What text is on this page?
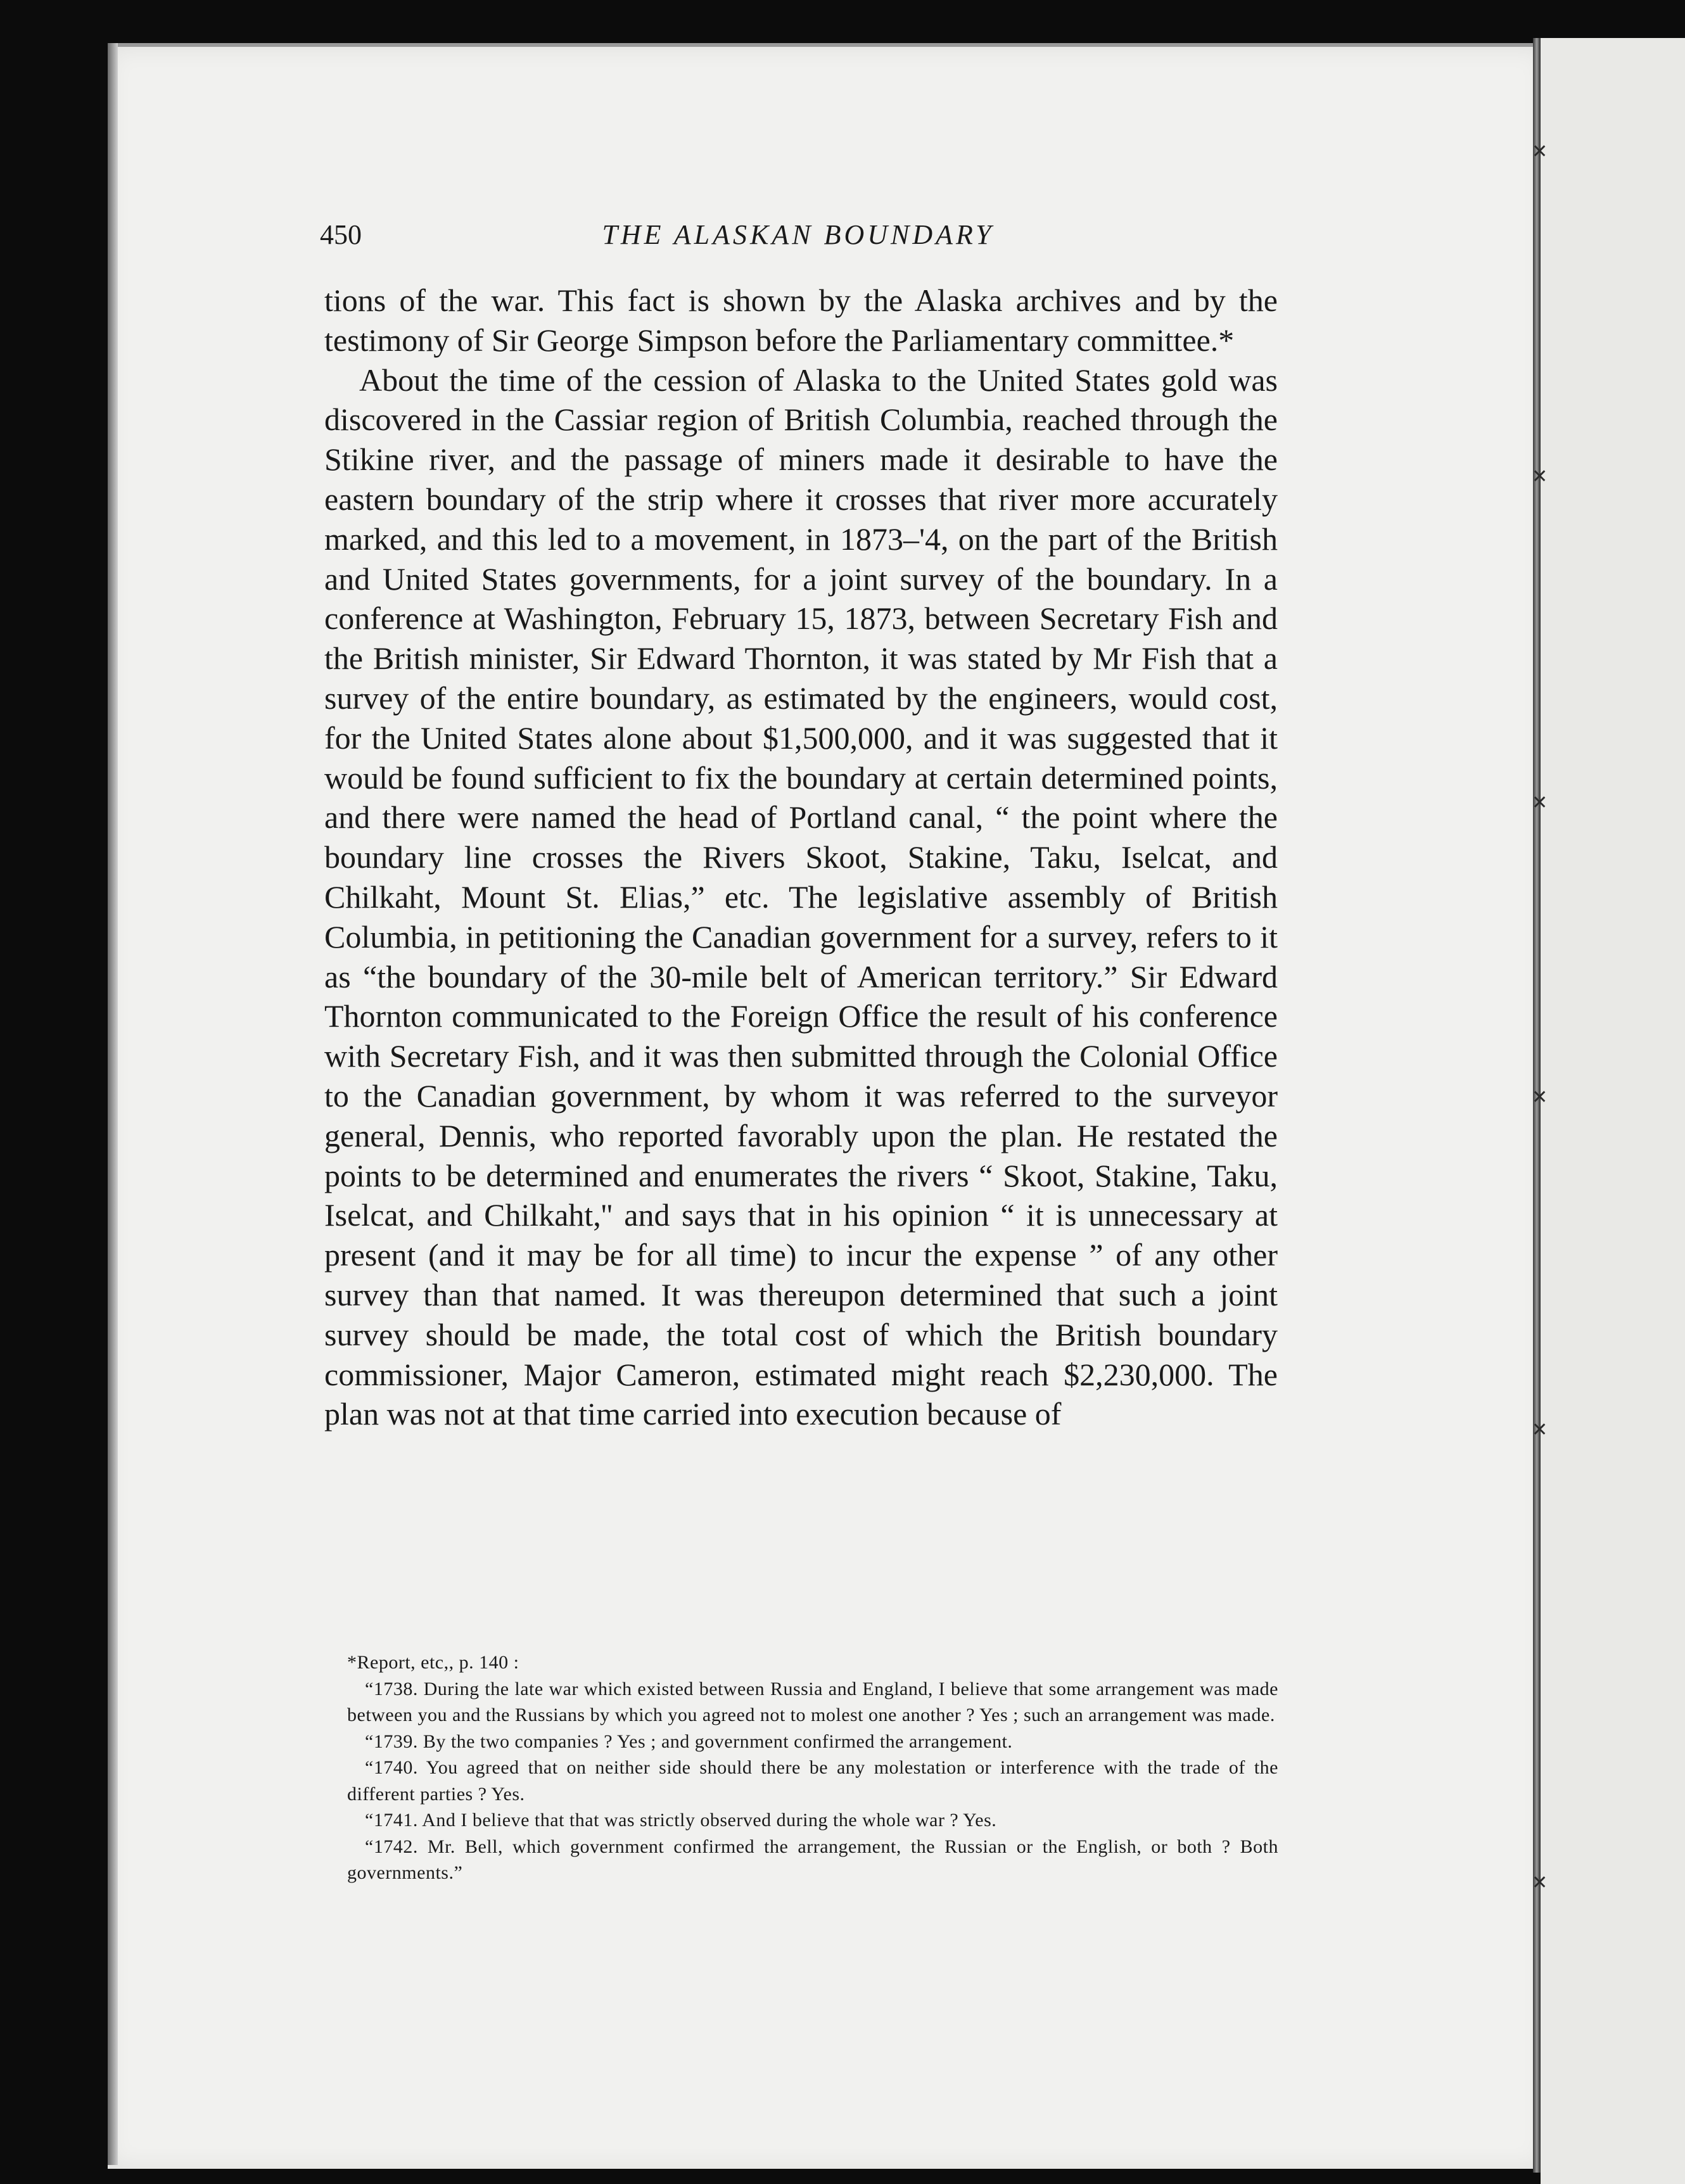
✕
✕
✕
✕
✕
✕
450	THE ALASKAN BOUNDARY

tions of the war. This fact is shown by the Alaska archives and by the testimony of Sir George Simpson before the Parliamentary committee.*

About the time of the cession of Alaska to the United States gold was discovered in the Cassiar region of British Columbia, reached through the Stikine river, and the passage of miners made it desirable to have the eastern boundary of the strip where it crosses that river more accurately marked, and this led to a movement, in 1873–'4, on the part of the British and United States governments, for a joint survey of the boundary. In a conference at Washington, February 15, 1873, between Secretary Fish and the British minister, Sir Edward Thornton, it was stated by Mr Fish that a survey of the entire boundary, as estimated by the engineers, would cost, for the United States alone about $1,500,000, and it was suggested that it would be found sufficient to fix the boundary at certain determined points, and there were named the head of Portland canal, “ the point where the boundary line crosses the Rivers Skoot, Stakine, Taku, Iselcat, and Chilkaht, Mount St. Elias,” etc. The legislative assembly of British Columbia, in petitioning the Canadian government for a survey, refers to it as “the boundary of the 30-mile belt of American territory.” Sir Edward Thornton communicated to the Foreign Office the result of his conference with Secretary Fish, and it was then submitted through the Colonial Office to the Canadian government, by whom it was referred to the surveyor general, Dennis, who reported favorably upon the plan. He restated the points to be determined and enumerates the rivers “ Skoot, Stakine, Taku, Iselcat, and Chilkaht,'' and says that in his opinion “ it is unnecessary at present (and it may be for all time) to incur the expense ” of any other survey than that named. It was thereupon determined that such a joint survey should be made, the total cost of which the British boundary commissioner, Major Cameron, estimated might reach $2,230,000. The plan was not at that time carried into execution because of

*Report, etc,, p. 140 :

“1738. During the late war which existed between Russia and England, I believe that some arrangement was made between you and the Russians by which you agreed not to molest one another ? Yes ; such an arrangement was made.

“1739. By the two companies ? Yes ; and government confirmed the arrangement.

“1740. You agreed that on neither side should there be any molestation or interference with the trade of the different parties ? Yes.

“1741. And I believe that that was strictly observed during the whole war ? Yes.

“1742. Mr. Bell, which government confirmed the arrangement, the Russian or the English, or both ? Both governments.”
